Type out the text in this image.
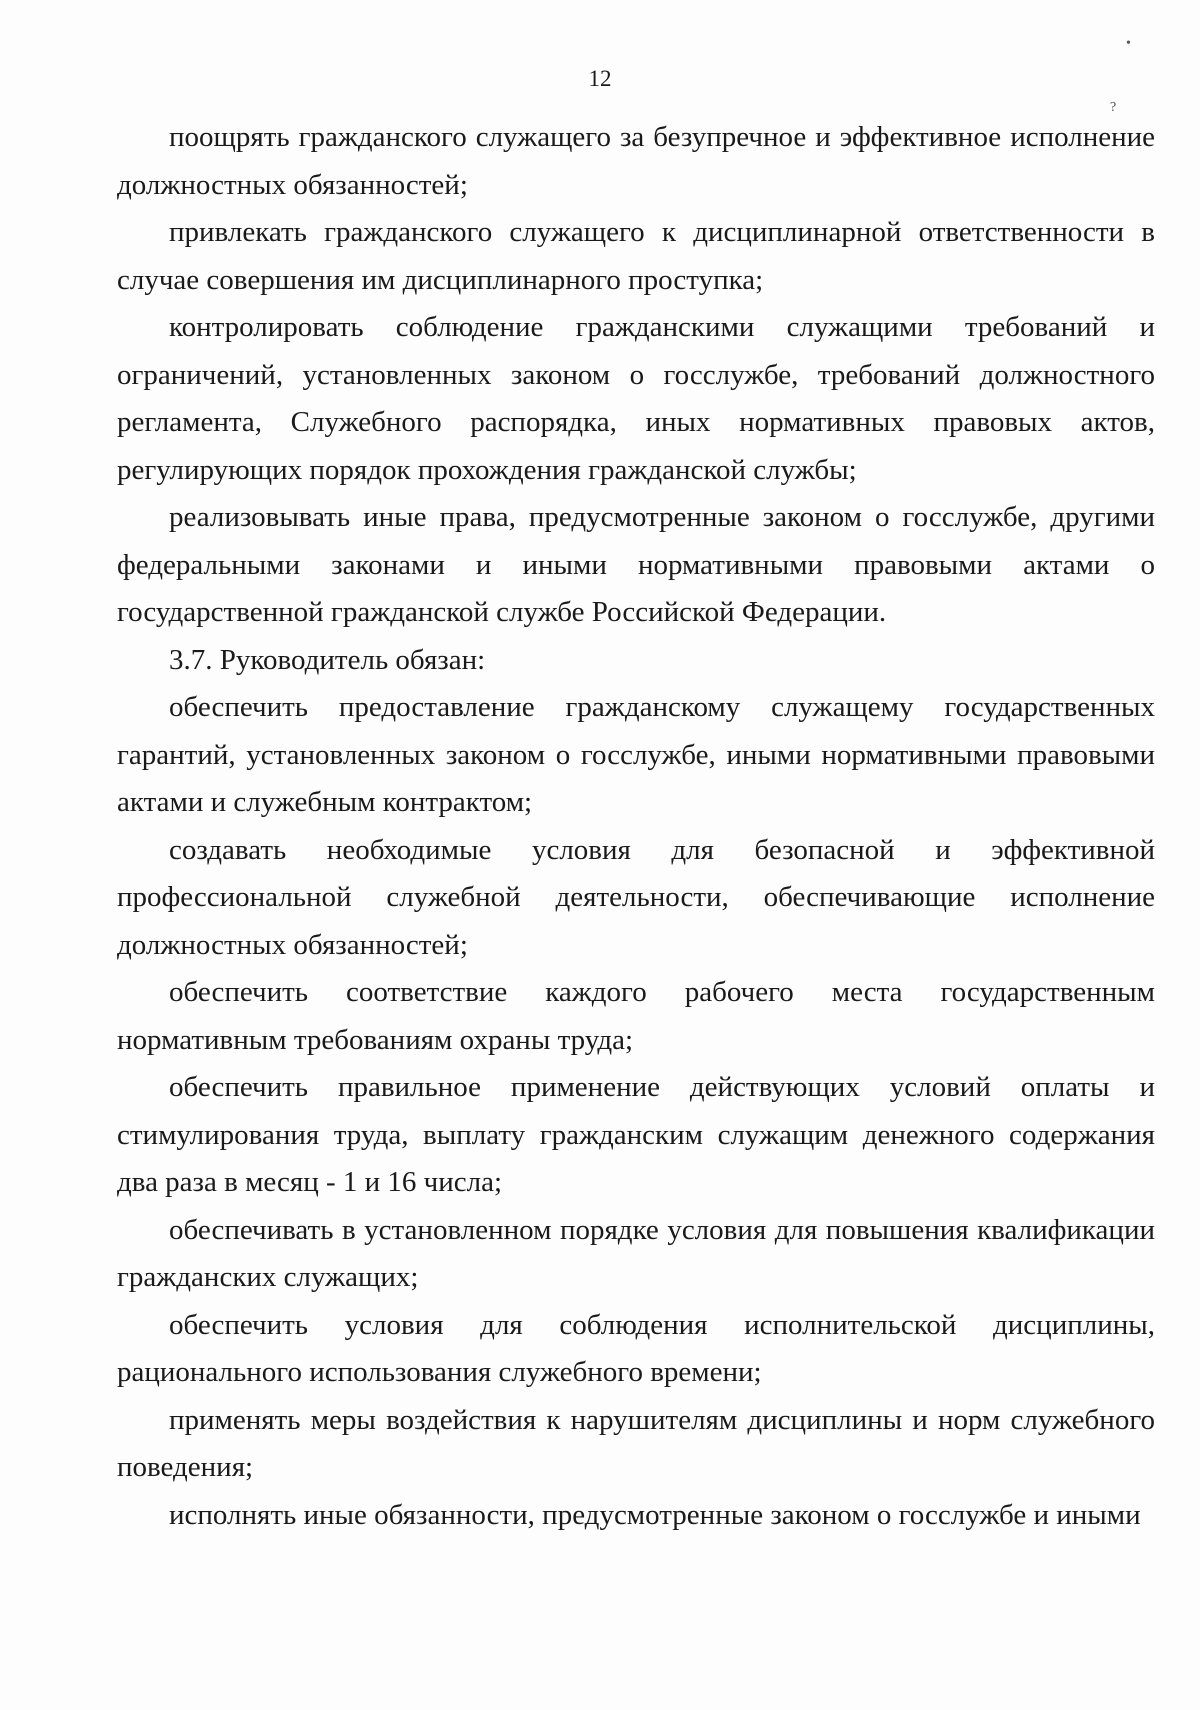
12
•
?

поощрять гражданского служащего за безупречное и эффективное исполнение должностных обязанностей;

привлекать гражданского служащего к дисциплинарной ответственности в случае совершения им дисциплинарного проступка;

контролировать соблюдение гражданскими служащими требований и ограничений, установленных законом о госслужбе, требований должностного регламента, Служебного распорядка, иных нормативных правовых актов, регулирующих порядок прохождения гражданской службы;

реализовывать иные права, предусмотренные законом о госслужбе, другими федеральными законами и иными нормативными правовыми актами о государственной гражданской службе Российской Федерации.

3.7. Руководитель обязан:

обеспечить предоставление гражданскому служащему государственных гарантий, установленных законом о госслужбе, иными нормативными правовыми актами и служебным контрактом;

создавать необходимые условия для безопасной и эффективной профессиональной служебной деятельности, обеспечивающие исполнение должностных обязанностей;

обеспечить соответствие каждого рабочего места государственным нормативным требованиям охраны труда;

обеспечить правильное применение действующих условий оплаты и стимулирования труда, выплату гражданским служащим денежного содержания два раза в месяц - 1 и 16 числа;

обеспечивать в установленном порядке условия для повышения квалификации гражданских служащих;

обеспечить условия для соблюдения исполнительской дисциплины, рационального использования служебного времени;

применять меры воздействия к нарушителям дисциплины и норм служебного поведения;

исполнять иные обязанности, предусмотренные законом о госслужбе и иными
